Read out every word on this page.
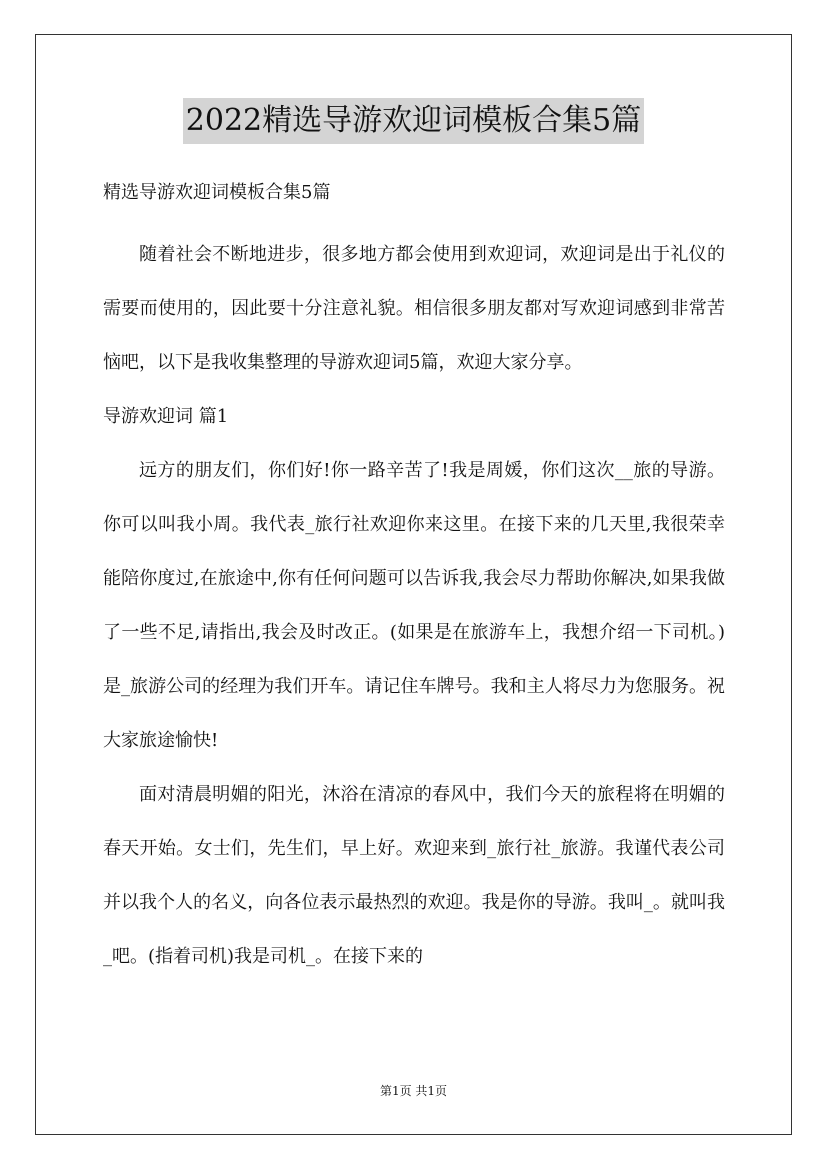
2022精选导游欢迎词模板合集5篇
精选导游欢迎词模板合集5篇

随着社会不断地进步，很多地方都会使用到欢迎词，欢迎词是出于礼仪的需要而使用的，因此要十分注意礼貌。相信很多朋友都对写欢迎词感到非常苦恼吧，以下是我收集整理的导游欢迎词5篇，欢迎大家分享。

导游欢迎词 篇1

远方的朋友们，你们好!你一路辛苦了!我是周媛，你们这次__旅的导游。你可以叫我小周。我代表_旅行社欢迎你来这里。在接下来的几天里,我很荣幸能陪你度过,在旅途中,你有任何问题可以告诉我,我会尽力帮助你解决,如果我做了一些不足,请指出,我会及时改正。(如果是在旅游车上，我想介绍一下司机。)是_旅游公司的经理为我们开车。请记住车牌号。我和主人将尽力为您服务。祝大家旅途愉快!

面对清晨明媚的阳光，沐浴在清凉的春风中，我们今天的旅程将在明媚的春天开始。女士们，先生们，早上好。欢迎来到_旅行社_旅游。我谨代表公司并以我个人的名义，向各位表示最热烈的欢迎。我是你的导游。我叫_。就叫我_吧。(指着司机)我是司机_。在接下来的

第1页 共1页
